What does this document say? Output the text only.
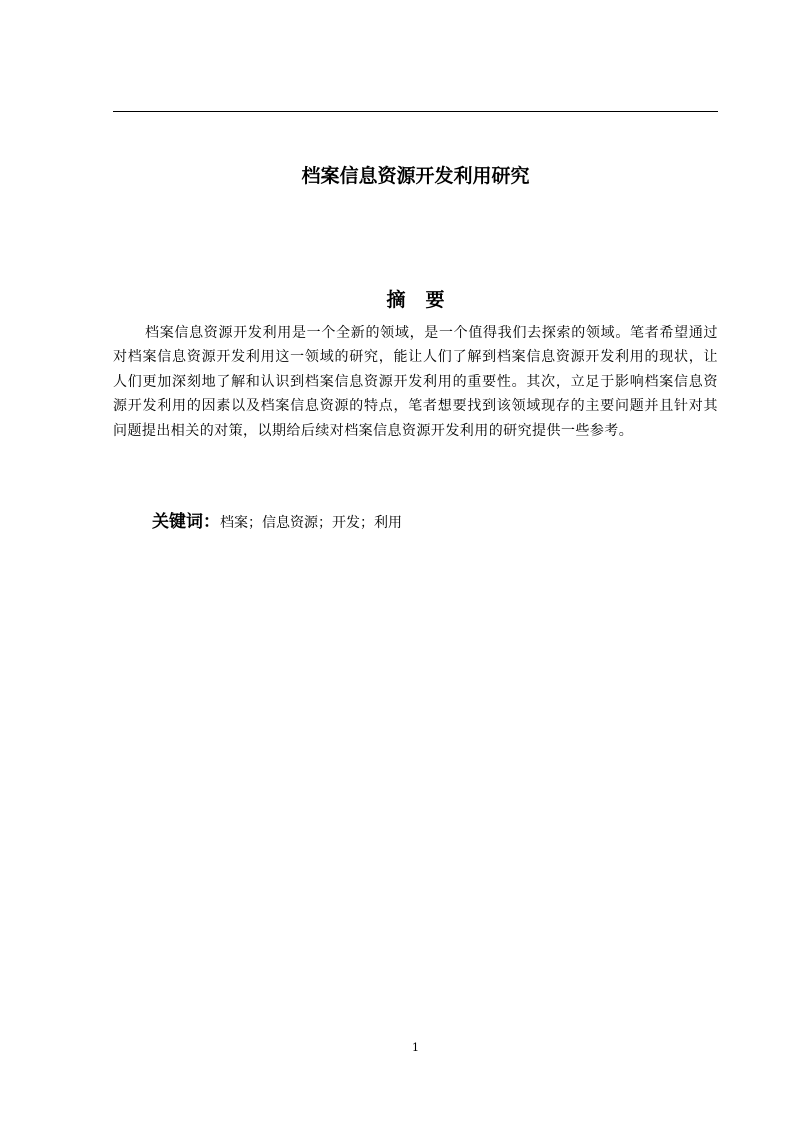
档案信息资源开发利用研究
摘要

档案信息资源开发利用是一个全新的领域，是一个值得我们去探索的领域。笔者希望通过对档案信息资源开发利用这一领域的研究，能让人们了解到档案信息资源开发利用的现状，让人们更加深刻地了解和认识到档案信息资源开发利用的重要性。其次，立足于影响档案信息资源开发利用的因素以及档案信息资源的特点，笔者想要找到该领域现存的主要问题并且针对其问题提出相关的对策，以期给后续对档案信息资源开发利用的研究提供一些参考。

关键词：档案；信息资源；开发；利用

1
